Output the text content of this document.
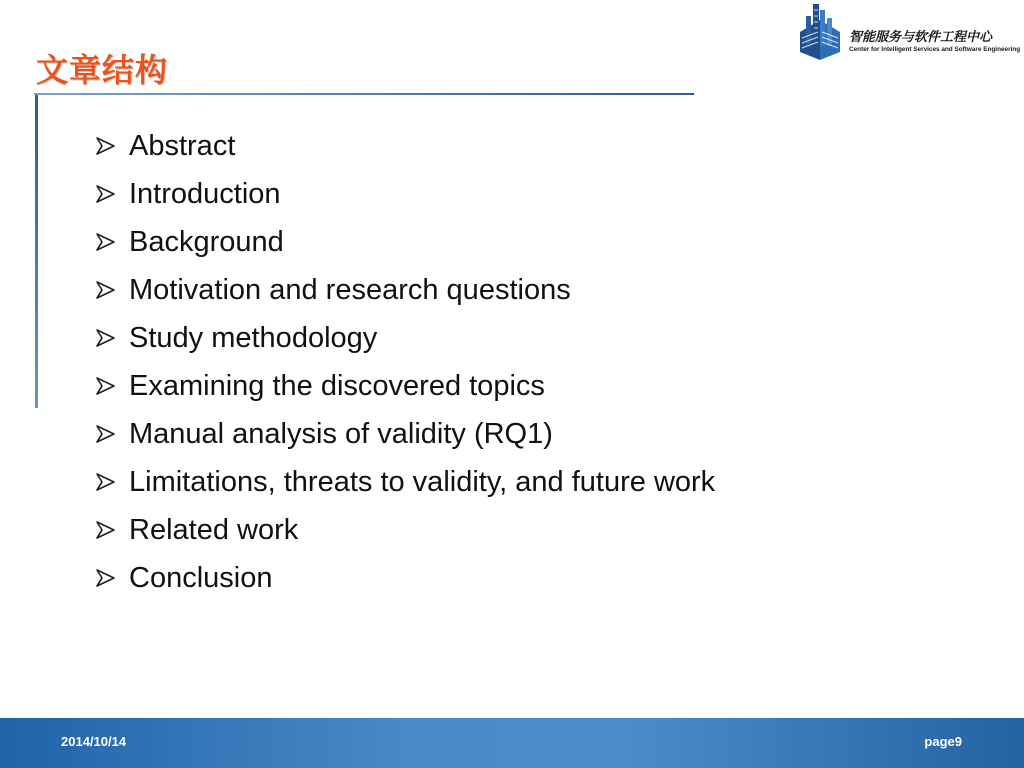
文章结构
智能服务与软件工程中心
Center for Intelligent Services and Software Engineering
Abstract
Introduction
Background
Motivation and research questions
Study methodology
Examining the discovered topics
Manual analysis of validity (RQ1)
Limitations, threats to validity, and future work
Related work
Conclusion
2014/10/14	page9
